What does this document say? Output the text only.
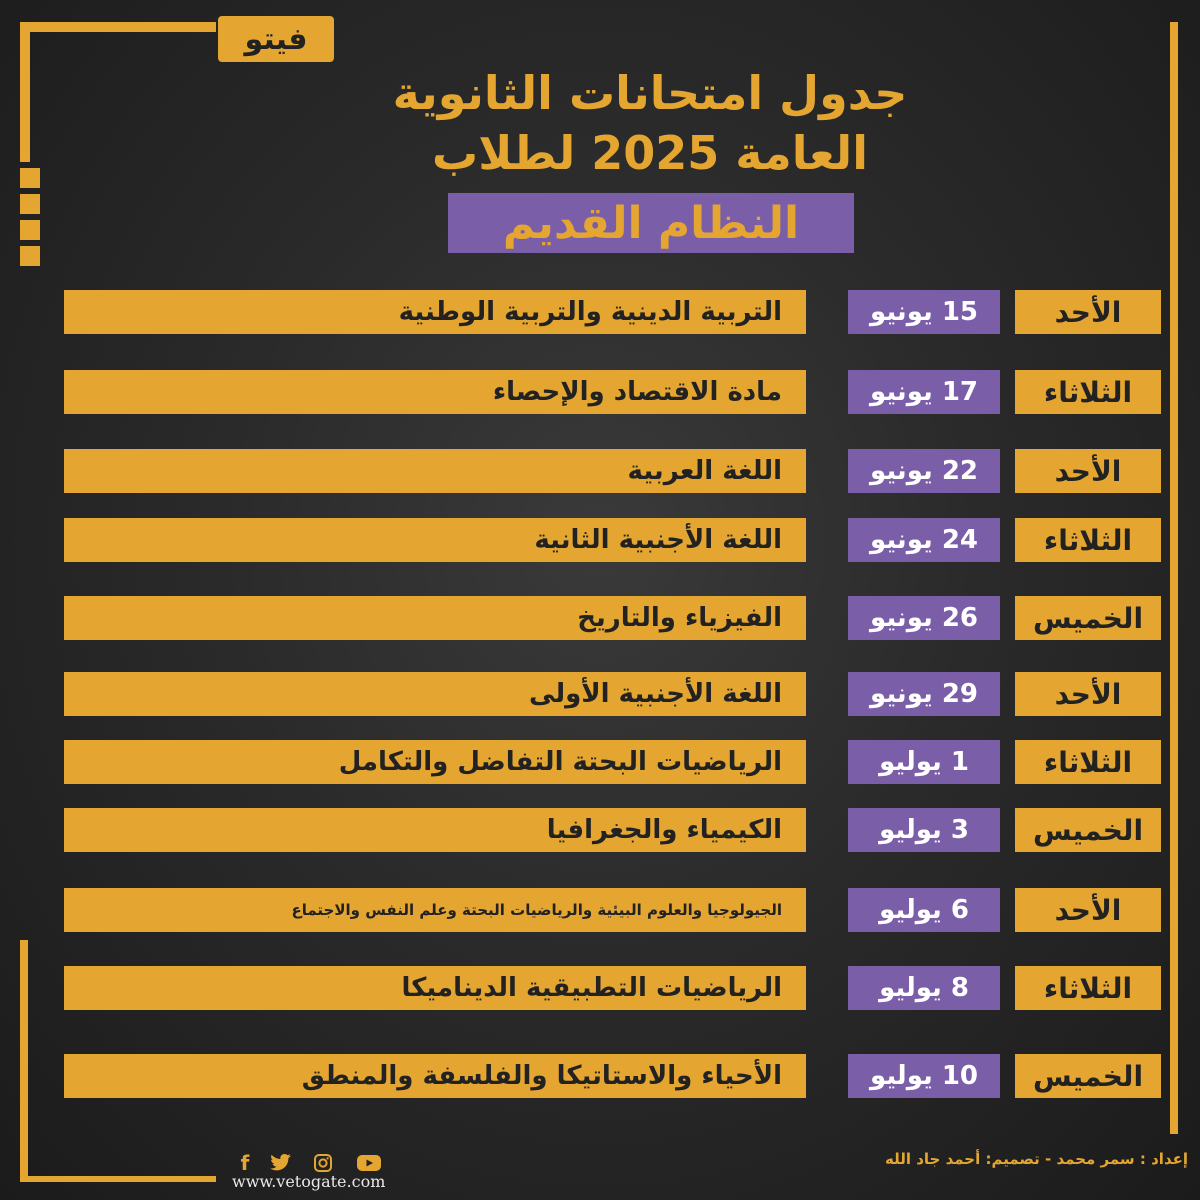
فيتو
جدول امتحانات الثانوية
العامة 2025 لطلاب
النظام القديم
الأحد
15 يونيو
التربية الدينية والتربية الوطنية
الثلاثاء
17 يونيو
مادة الاقتصاد والإحصاء
الأحد
22 يونيو
اللغة العربية
الثلاثاء
24 يونيو
اللغة الأجنبية الثانية
الخميس
26 يونيو
الفيزياء والتاريخ
الأحد
29 يونيو
اللغة الأجنبية الأولى
الثلاثاء
1 يوليو
الرياضيات البحتة التفاضل والتكامل
الخميس
3 يوليو
الكيمياء والجغرافيا
الأحد
6 يوليو
الجيولوجيا والعلوم البيئية والرياضيات البحتة وعلم النفس والاجتماع
الثلاثاء
8 يوليو
الرياضيات التطبيقية الديناميكا
الخميس
10 يوليو
الأحياء والاستاتيكا والفلسفة والمنطق
f
www.vetogate.com
إعداد : سمر محمد - تصميم: أحمد جاد الله
